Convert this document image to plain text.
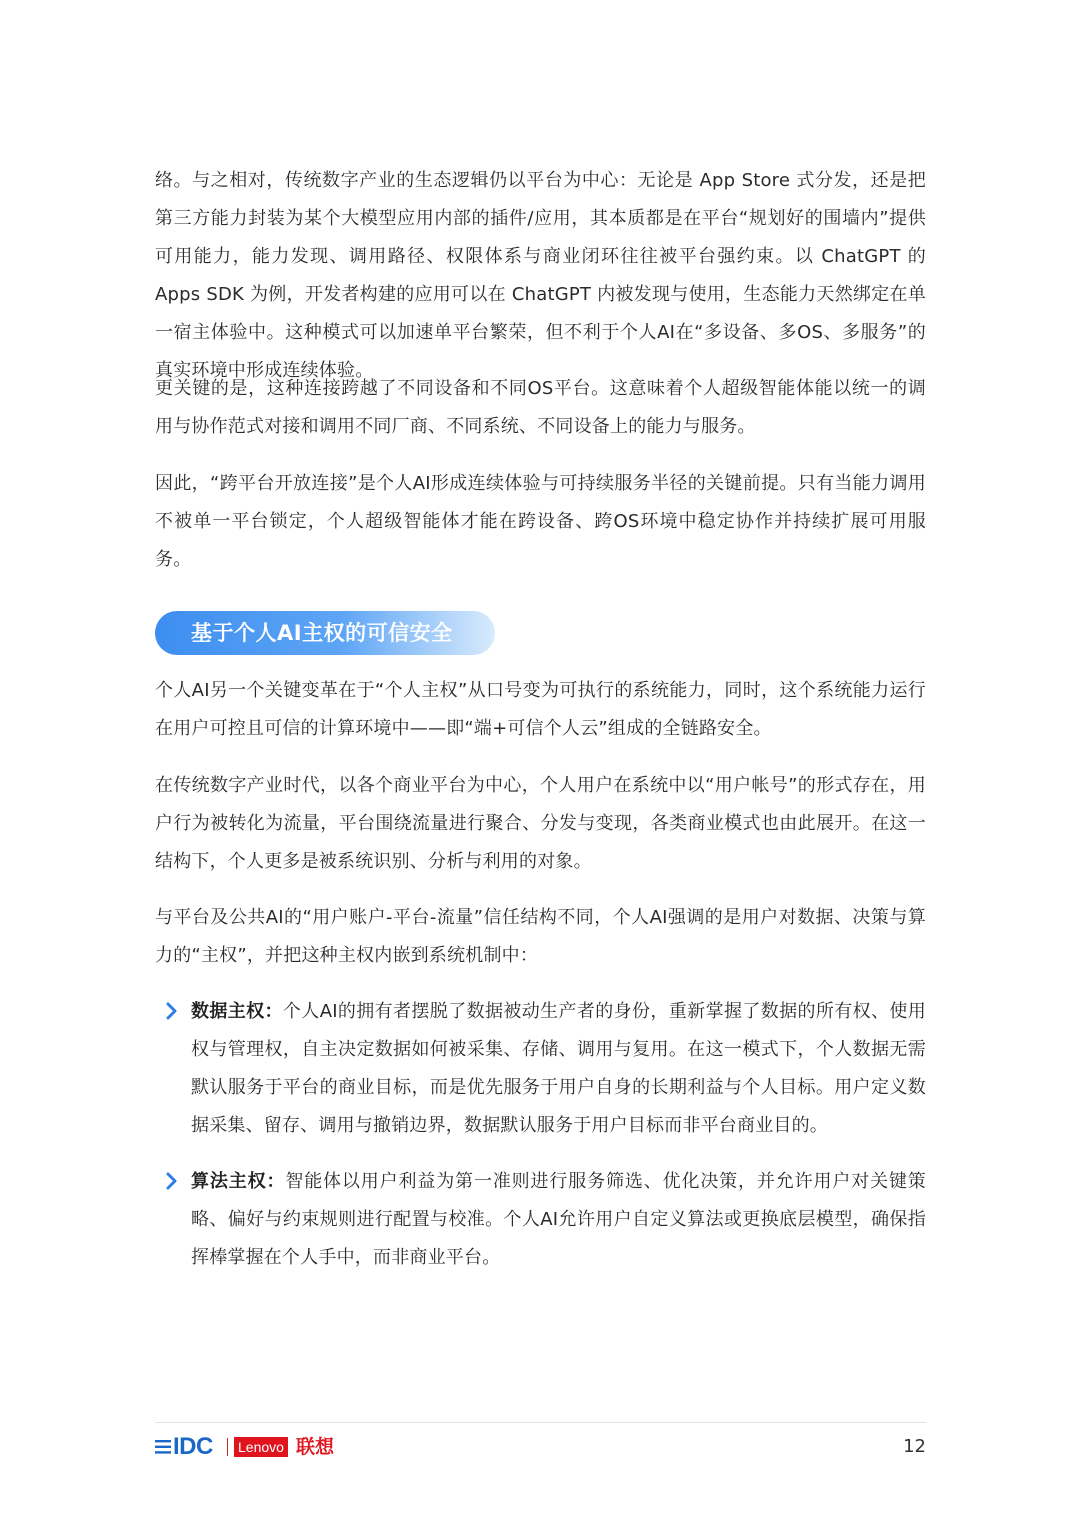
络。与之相对，传统数字产业的生态逻辑仍以平台为中心：无论是 App Store 式分发，还是把第三方能力封装为某个大模型应用内部的插件/应用，其本质都是在平台“规划好的围墙内”提供可用能力，能力发现、调用路径、权限体系与商业闭环往往被平台强约束。以 ChatGPT 的 Apps SDK 为例，开发者构建的应用可以在 ChatGPT 内被发现与使用，生态能力天然绑定在单一宿主体验中。这种模式可以加速单平台繁荣，但不利于个人AI在“多设备、多OS、多服务”的真实环境中形成连续体验。

更关键的是，这种连接跨越了不同设备和不同OS平台。这意味着个人超级智能体能以统一的调用与协作范式对接和调用不同厂商、不同系统、不同设备上的能力与服务。

因此，“跨平台开放连接”是个人AI形成连续体验与可持续服务半径的关键前提。只有当能力调用不被单一平台锁定，个人超级智能体才能在跨设备、跨OS环境中稳定协作并持续扩展可用服务。

基于个人AI主权的可信安全

个人AI另一个关键变革在于“个人主权”从口号变为可执行的系统能力，同时，这个系统能力运行在用户可控且可信的计算环境中——即“端+可信个人云”组成的全链路安全。

在传统数字产业时代，以各个商业平台为中心，个人用户在系统中以“用户帐号”的形式存在，用户行为被转化为流量，平台围绕流量进行聚合、分发与变现，各类商业模式也由此展开。在这一结构下，个人更多是被系统识别、分析与利用的对象。

与平台及公共AI的“用户账户-平台-流量”信任结构不同，个人AI强调的是用户对数据、决策与算力的“主权”，并把这种主权内嵌到系统机制中：

数据主权：个人AI的拥有者摆脱了数据被动生产者的身份，重新掌握了数据的所有权、使用权与管理权，自主决定数据如何被采集、存储、调用与复用。在这一模式下，个人数据无需默认服务于平台的商业目标，而是优先服务于用户自身的长期利益与个人目标。用户定义数据采集、留存、调用与撤销边界，数据默认服务于用户目标而非平台商业目的。

算法主权：智能体以用户利益为第一准则进行服务筛选、优化决策，并允许用户对关键策略、偏好与约束规则进行配置与校准。个人AI允许用户自定义算法或更换底层模型，确保指挥棒掌握在个人手中，而非商业平台。

IDC Lenovo 联想	12
